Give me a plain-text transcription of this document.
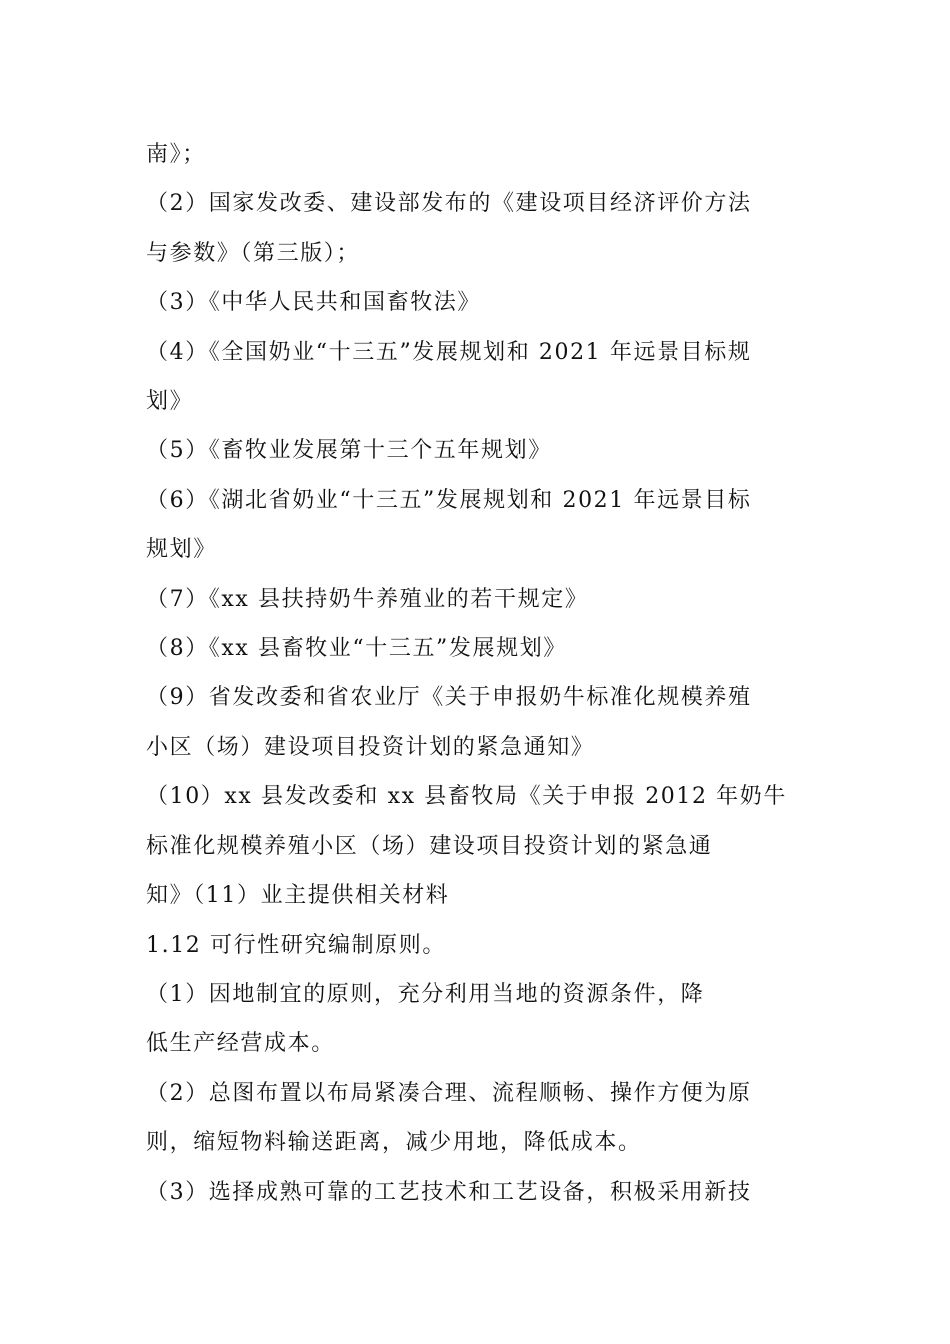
南》；
（2）国家发改委、建设部发布的《建设项目经济评价方法
与参数》（第三版）；
（3）《中华人民共和国畜牧法》
（4）《全国奶业“十三五”发展规划和 2021 年远景目标规
划》
（5）《畜牧业发展第十三个五年规划》
（6）《湖北省奶业“十三五”发展规划和 2021 年远景目标
规划》
（7）《xx 县扶持奶牛养殖业的若干规定》
（8）《xx 县畜牧业“十三五”发展规划》
（9）省发改委和省农业厅《关于申报奶牛标准化规模养殖
小区（场）建设项目投资计划的紧急通知》
（10）xx 县发改委和 xx 县畜牧局《关于申报 2012 年奶牛
标准化规模养殖小区（场）建设项目投资计划的紧急通
知》（11）业主提供相关材料
1.12 可行性研究编制原则。
（1）因地制宜的原则，充分利用当地的资源条件，降
低生产经营成本。
（2）总图布置以布局紧凑合理、流程顺畅、操作方便为原
则，缩短物料输送距离，减少用地，降低成本。
（3）选择成熟可靠的工艺技术和工艺设备，积极采用新技
